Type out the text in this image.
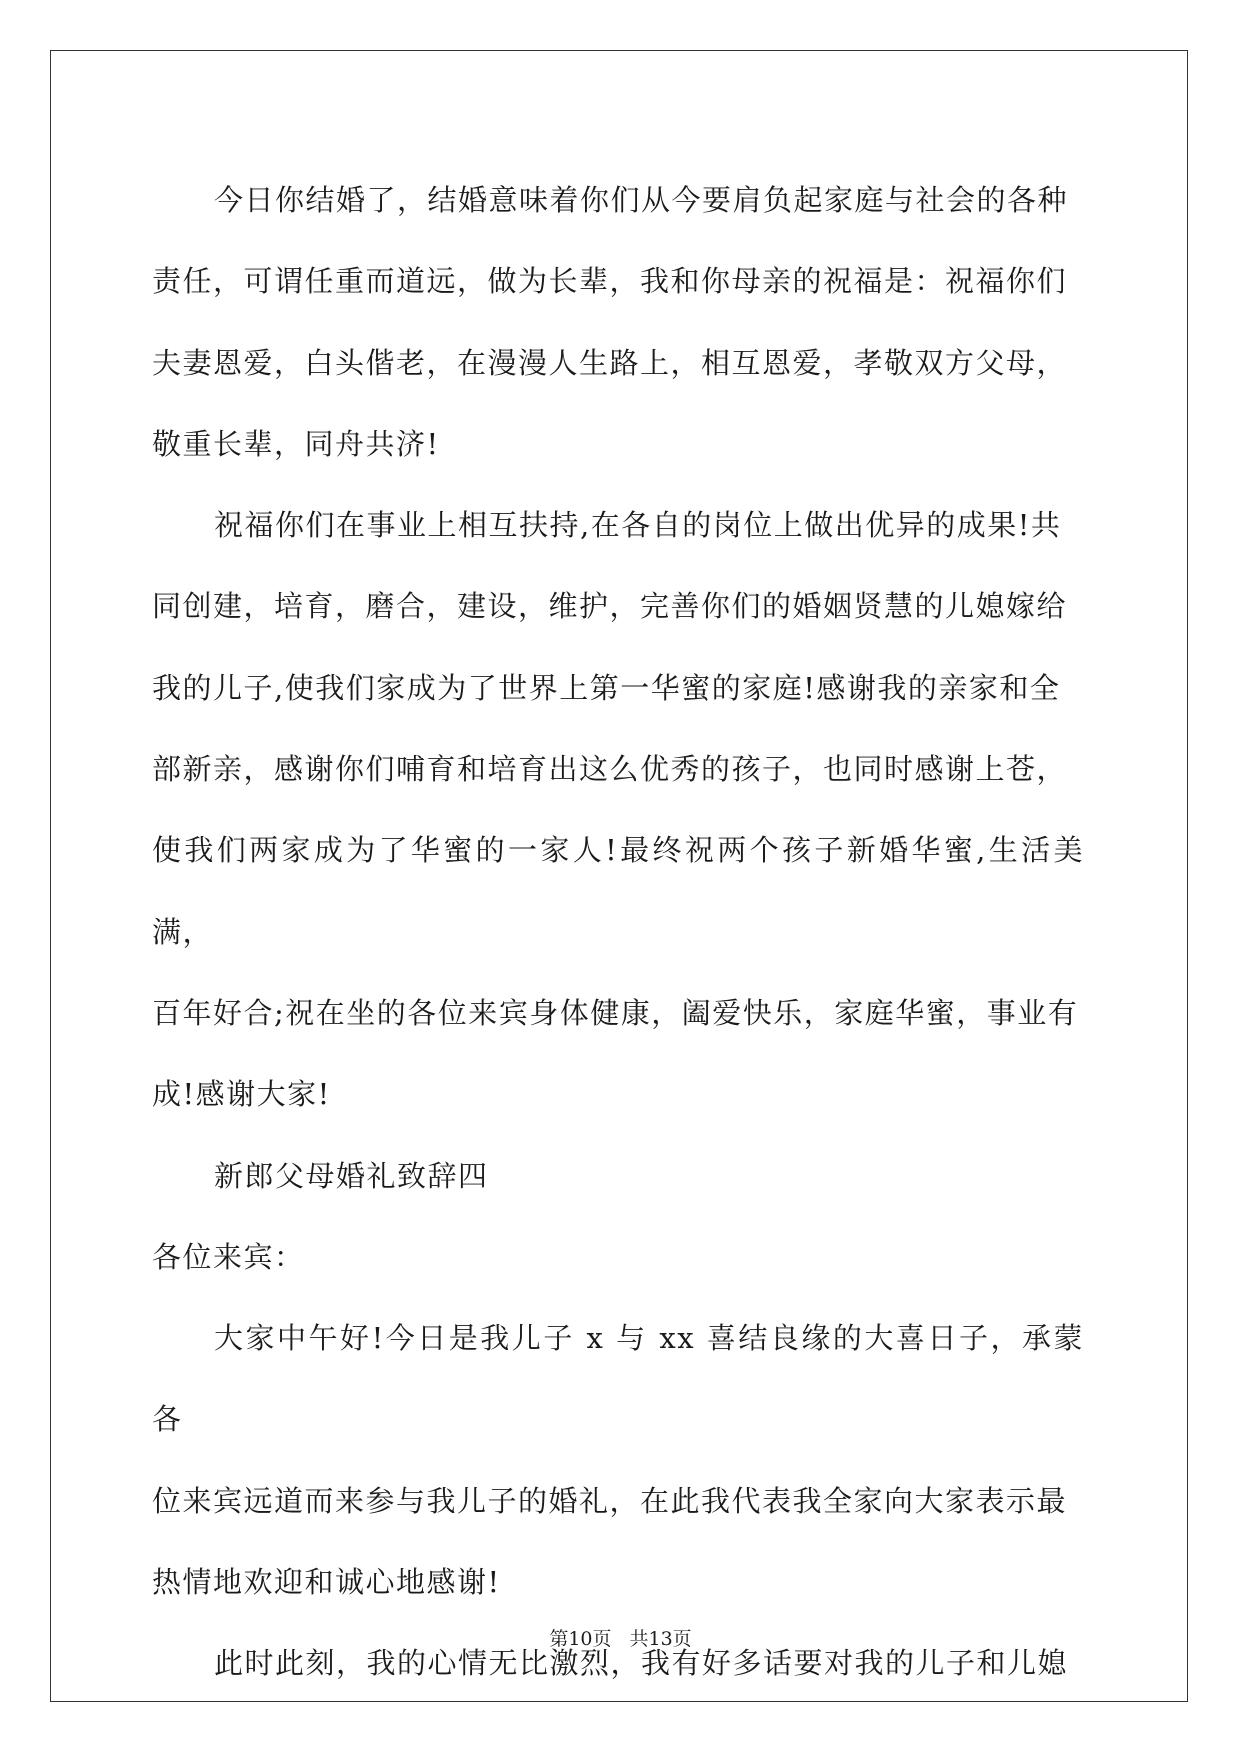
今日你结婚了，结婚意味着你们从今要肩负起家庭与社会的各种

责任，可谓任重而道远，做为长辈，我和你母亲的祝福是：祝福你们

夫妻恩爱，白头偕老，在漫漫人生路上，相互恩爱，孝敬双方父母，

敬重长辈，同舟共济!

祝福你们在事业上相互扶持,在各自的岗位上做出优异的成果!共

同创建，培育，磨合，建设，维护，完善你们的婚姻贤慧的儿媳嫁给

我的儿子,使我们家成为了世界上第一华蜜的家庭!感谢我的亲家和全

部新亲，感谢你们哺育和培育出这么优秀的孩子，也同时感谢上苍，

使我们两家成为了华蜜的一家人!最终祝两个孩子新婚华蜜,生活美满，

百年好合;祝在坐的各位来宾身体健康，阖爱快乐，家庭华蜜，事业有

成!感谢大家!

新郎父母婚礼致辞四

各位来宾：

大家中午好!今日是我儿子 x 与 xx 喜结良缘的大喜日子，承蒙各

位来宾远道而来参与我儿子的婚礼，在此我代表我全家向大家表示最

热情地欢迎和诚心地感谢!

此时此刻，我的心情无比激烈，我有好多话要对我的儿子和儿媳

第10页 共13页
